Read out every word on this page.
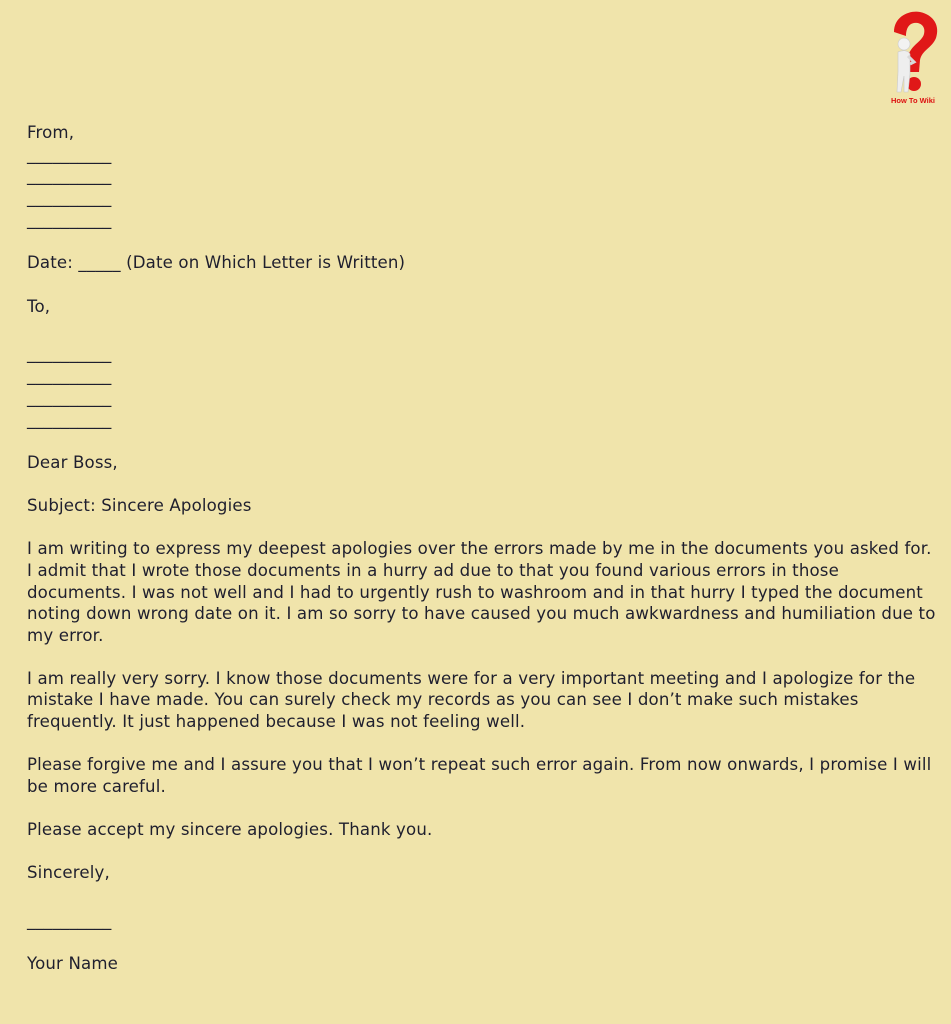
How To Wiki
From,
__________
__________
__________
__________
Date: _____ (Date on Which Letter is Written)
To,
__________
__________
__________
__________
Dear Boss,
Subject: Sincere Apologies
I am writing to express my deepest apologies over the errors made by me in the documents you asked for. I admit that I wrote those documents in a hurry ad due to that you found various errors in those documents. I was not well and I had to urgently rush to washroom and in that hurry I typed the document noting down wrong date on it. I am so sorry to have caused you much awkwardness and humiliation due to my error.
I am really very sorry. I know those documents were for a very important meeting and I apologize for the mistake I have made. You can surely check my records as you can see I don’t make such mistakes frequently. It just happened because I was not feeling well.
Please forgive me and I assure you that I won’t repeat such error again. From now onwards, I promise I will be more careful.
Please accept my sincere apologies. Thank you.
Sincerely,
__________
Your Name
